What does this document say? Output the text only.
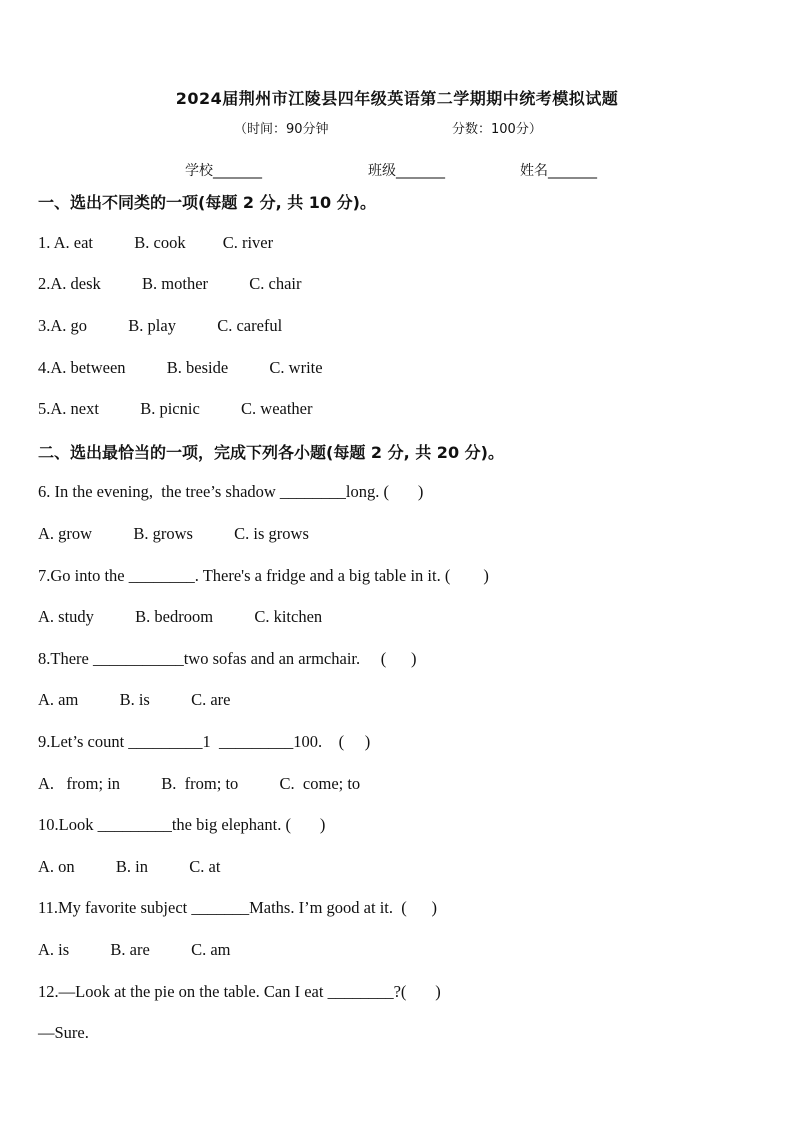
2024届荆州市江陵县四年级英语第二学期期中统考模拟试题
（时间：90分钟	分数：100分）
学校_______	班级_______	姓名_______
一、选出不同类的一项(每题 2 分, 共 10 分)。
1. A. eat          B. cook         C. river
2.A. desk          B. mother          C. chair
3.A. go          B. play          C. careful
4.A. between          B. beside          C. write
5.A. next          B. picnic          C. weather
二、选出最恰当的一项，完成下列各小题(每题 2 分, 共 20 分)。
6. In the evening,  the tree’s shadow ________long. (       )
A. grow          B. grows          C. is grows
7.Go into the ________. There's a fridge and a big table in it. (        )
A. study          B. bedroom          C. kitchen
8.There ___________two sofas and an armchair.     (      )
A. am          B. is          C. are
9.Let’s count _________1  _________100.    (     )
A.   from; in          B.  from; to          C.  come; to
10.Look _________the big elephant. (       )
A. on          B. in          C. at
11.My favorite subject _______Maths. I’m good at it.  (      )
A. is          B. are          C. am
12.—Look at the pie on the table. Can I eat ________?(       )
—Sure.
